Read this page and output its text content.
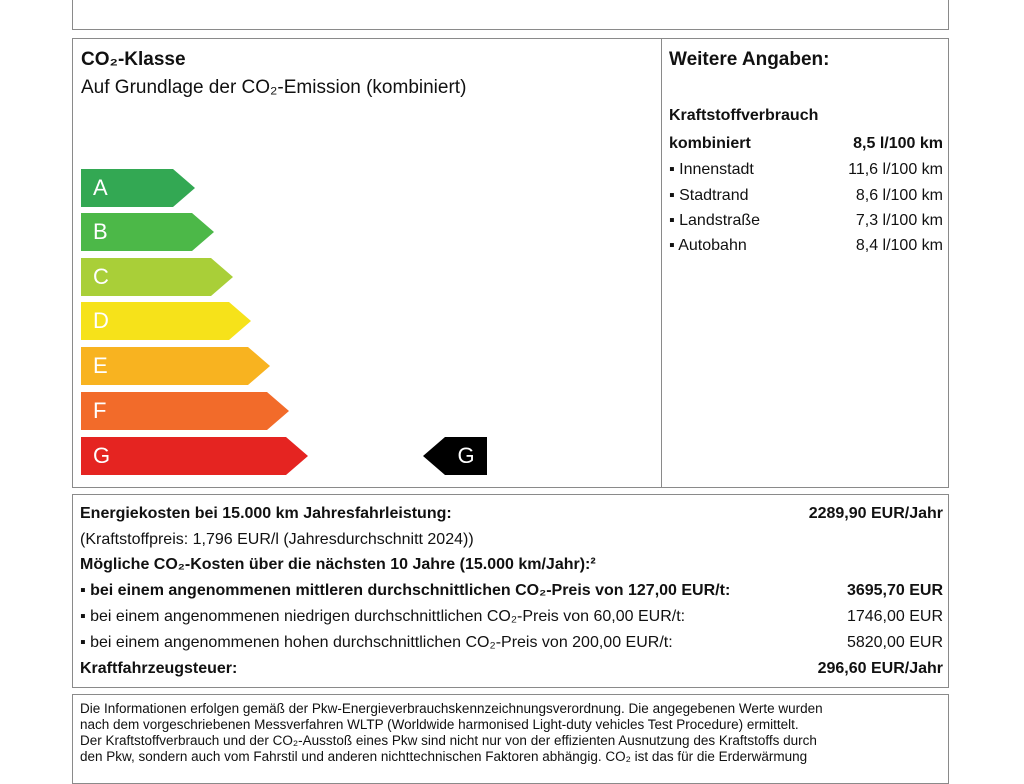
CO₂-Klasse
Auf Grundlage der CO₂-Emission (kombiniert)
A
B
C
D
E
F
G	G
Weitere Angaben:
Kraftstoffverbrauch
kombiniert	8,5 l/100 km
▪ Innenstadt	11,6 l/100 km
▪ Stadtrand	8,6 l/100 km
▪ Landstraße	7,3 l/100 km
▪ Autobahn	8,4 l/100 km
Energiekosten bei 15.000 km Jahresfahrleistung:	2289,90 EUR/Jahr
(Kraftstoffpreis: 1,796 EUR/l (Jahresdurchschnitt 2024))
Mögliche CO₂-Kosten über die nächsten 10 Jahre (15.000 km/Jahr):²
▪ bei einem angenommenen mittleren durchschnittlichen CO₂-Preis von 127,00 EUR/t:	3695,70 EUR
▪ bei einem angenommenen niedrigen durchschnittlichen CO₂-Preis von 60,00 EUR/t:	1746,00 EUR
▪ bei einem angenommenen hohen durchschnittlichen CO₂-Preis von 200,00 EUR/t:	5820,00 EUR
Kraftfahrzeugsteuer:	296,60 EUR/Jahr
Die Informationen erfolgen gemäß der Pkw-Energieverbrauchskennzeichnungsverordnung. Die angegebenen Werte wurden
nach dem vorgeschriebenen Messverfahren WLTP (Worldwide harmonised Light-duty vehicles Test Procedure) ermittelt.
Der Kraftstoffverbrauch und der CO₂-Ausstoß eines Pkw sind nicht nur von der effizienten Ausnutzung des Kraftstoffs durch
den Pkw, sondern auch vom Fahrstil und anderen nichttechnischen Faktoren abhängig. CO₂ ist das für die Erderwärmung
